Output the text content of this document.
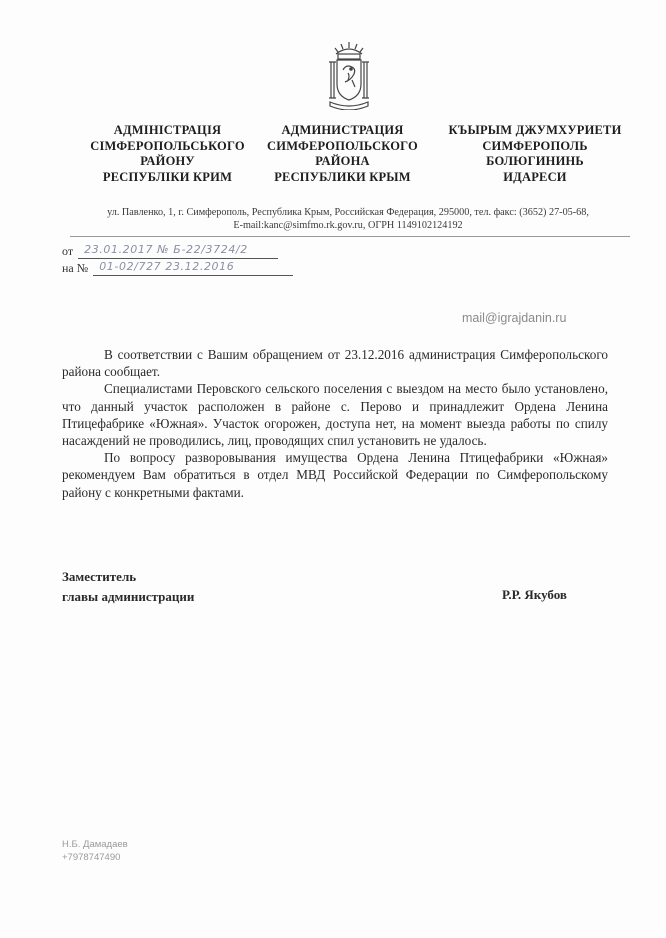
АДМІНІСТРАЦІЯ
СІМФЕРОПОЛЬСЬКОГО
РАЙОНУ
РЕСПУБЛІКИ КРИМ
АДМИНИСТРАЦИЯ
СИМФЕРОПОЛЬСКОГО
РАЙОНА
РЕСПУБЛИКИ КРЫМ
КЪЫРЫМ ДЖУМХУРИЕТИ
СИМФЕРОПОЛЬ
БОЛЮГИНИНЬ
ИДАРЕСИ
ул. Павленко, 1, г. Симферополь, Республика Крым, Российская Федерация, 295000, тел. факс: (3652) 27-05-68,
E-mail:kanc@simfmo.rk.gov.ru, ОГРН 1149102124192
от 23.01.2017 № Б-22/3724/2
на № 01-02/727 23.12.2016
mail@igrajdanin.ru

В соответствии с Вашим обращением от 23.12.2016 администрация Симферопольского района сообщает.

Специалистами Перовского сельского поселения с выездом на место было установлено, что данный участок расположен в районе с. Перово и принадлежит Ордена Ленина Птицефабрике «Южная». Участок огорожен, доступа нет, на момент выезда работы по спилу насаждений не проводились, лиц, проводящих спил установить не удалось.

По вопросу разворовывания имущества Ордена Ленина Птицефабрики «Южная» рекомендуем Вам обратиться в отдел МВД Российской Федерации по Симферопольскому району с конкретными фактами.

Заместитель
главы администрации	Р.Р. Якубов
Н.Б. Дамадаев
+7978747490
